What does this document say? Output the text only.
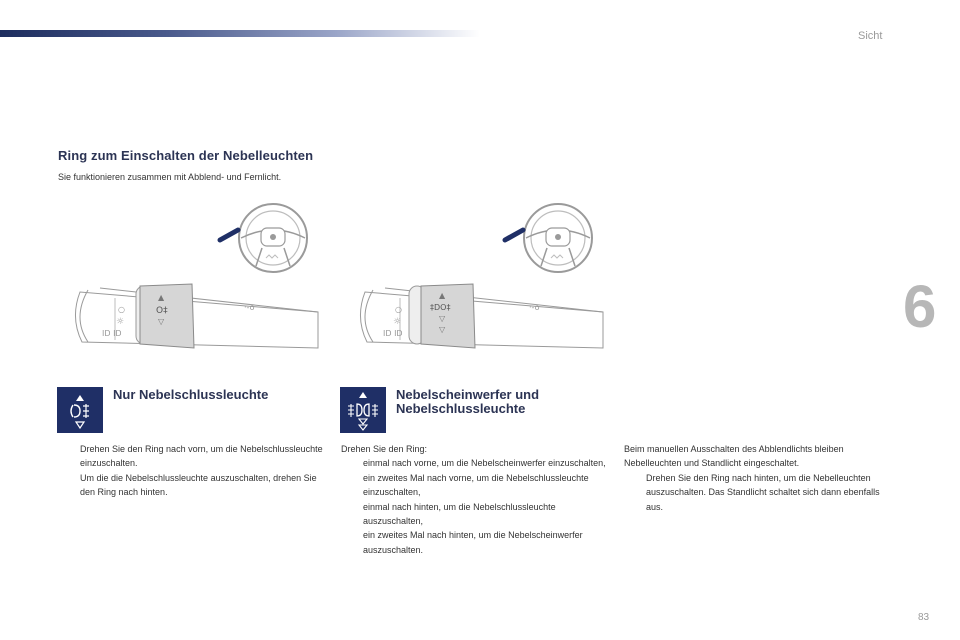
Sicht
6
Ring zum Einschalten der Nebelleuchten
Sie funktionieren zusammen mit Abblend- und Fernlicht.
▲
O‡
▽
○
☼
ID ID
·-o
▲
‡DO‡
▽
▽
○
☼
ID ID
·-o
Nur Nebelschlussleuchte	Nebelscheinwerfer und
Nebelschlussleuchte
Drehen Sie den Ring nach vorn, um die Nebelschlussleuchte einzuschalten.
Um die die Nebelschlussleuchte auszuschalten, drehen Sie den Ring nach hinten.
Drehen Sie den Ring:
einmal nach vorne, um die Nebelscheinwerfer einzuschalten,
ein zweites Mal nach vorne, um die Nebelschlussleuchte einzuschalten,
einmal nach hinten, um die Nebelschlussleuchte auszuschalten,
ein zweites Mal nach hinten, um die Nebelscheinwerfer auszuschalten.
Beim manuellen Ausschalten des Abblendlichts bleiben Nebelleuchten und Standlicht eingeschaltet.
Drehen Sie den Ring nach hinten, um die Nebelleuchten auszuschalten. Das Standlicht schaltet sich dann ebenfalls aus.
83
